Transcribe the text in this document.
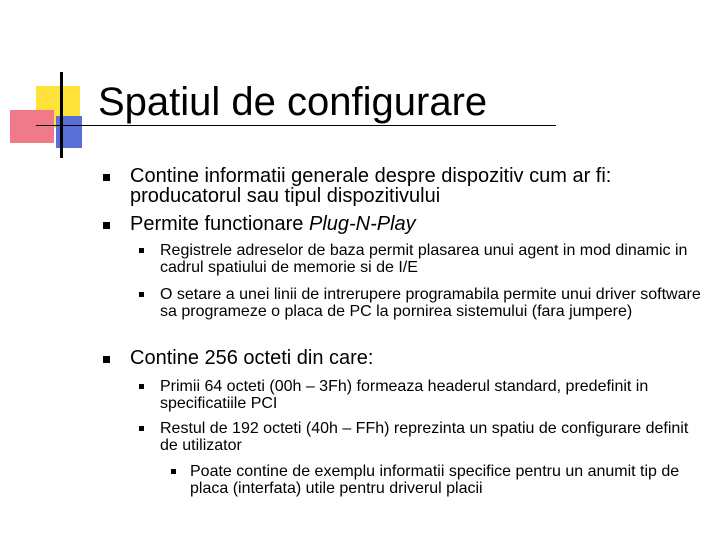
Spatiul de configurare
Contine informatii generale despre dispozitiv cum ar fi: producatorul sau tipul dispozitivului
Permite functionare Plug-N-Play
Registrele adreselor de baza permit plasarea unui agent in mod dinamic in cadrul spatiului de memorie si de I/E
O setare a unei linii de intrerupere programabila permite unui driver software sa programeze o placa de PC la pornirea sistemului (fara jumpere)
Contine 256 octeti din care:
Primii 64 octeti (00h – 3Fh) formeaza headerul standard, predefinit in specificatiile PCI
Restul de 192 octeti (40h – FFh) reprezinta un spatiu de configurare definit de utilizator
Poate contine de exemplu informatii specifice pentru un anumit tip de placa (interfata) utile pentru driverul placii
